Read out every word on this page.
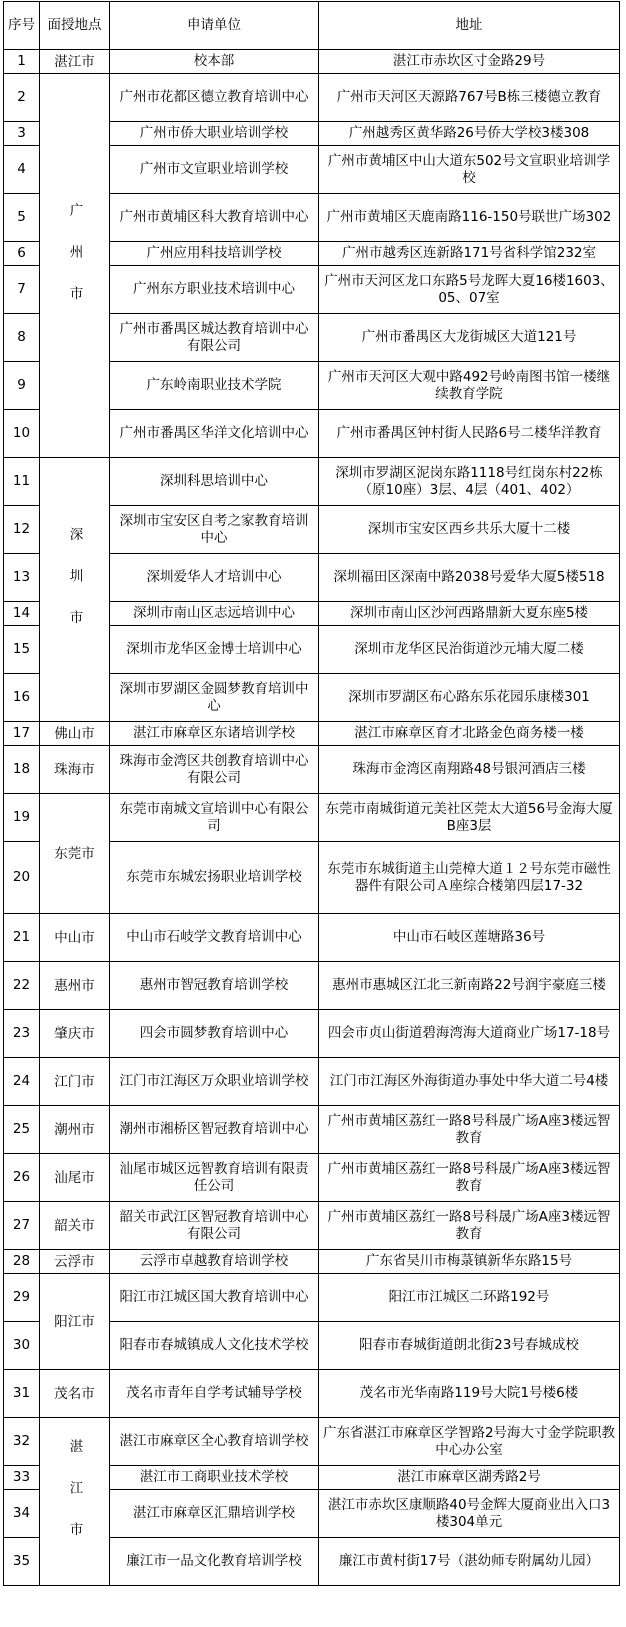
序号	面授地点	申请单位	地址
1	湛江市	校本部	湛江市赤坎区寸金路29号
2	广州市	广州市花都区德立教育培训中心	广州市天河区天源路767号B栋三楼德立教育
3		广州市侨大职业培训学校	广州越秀区黄华路26号侨大学校3楼308
4		广州市文宣职业培训学校	广州市黄埔区中山大道东502号文宣职业培训学校
5		广州市黄埔区科大教育培训中心	广州市黄埔区天鹿南路116-150号联世广场302
6		广州应用科技培训学校	广州市越秀区连新路171号省科学馆232室
7		广州东方职业技术培训中心	广州市天河区龙口东路5号龙晖大夏16楼1603、05、07室
8		广州市番禺区城达教育培训中心有限公司	广州市番禺区大龙街城区大道121号
9		广东岭南职业技术学院	广州市天河区大观中路492号岭南图书馆一楼继续教育学院
10		广州市番禺区华洋文化培训中心	广州市番禺区钟村街人民路6号二楼华洋教育
11	深圳市	深圳科思培训中心	深圳市罗湖区泥岗东路1118号红岗东村22栋（原10座）3层、4层（401、402）
12		深圳市宝安区自考之家教育培训中心	深圳市宝安区西乡共乐大厦十二楼
13		深圳爱华人才培训中心	深圳福田区深南中路2038号爱华大厦5楼518
14		深圳市南山区志远培训中心	深圳市南山区沙河西路鼎新大夏东座5楼
15		深圳市龙华区金博士培训中心	深圳市龙华区民治街道沙元埔大厦二楼
16		深圳市罗湖区金圆梦教育培训中心	深圳市罗湖区布心路东乐花园乐康楼301
17	佛山市	湛江市麻章区东诸培训学校	湛江市麻章区育才北路金色商务楼一楼
18	珠海市	珠海市金湾区共创教育培训中心有限公司	珠海市金湾区南翔路48号银河酒店三楼
19	东莞市	东莞市南城文宣培训中心有限公司	东莞市南城街道元美社区莞太大道56号金海大厦B座3层
20		东莞市东城宏扬职业培训学校	东莞市东城街道主山莞樟大道１２号东莞市磁性器件有限公司Ａ座综合楼第四层17-32
21	中山市	中山市石岐学文教育培训中心	中山市石岐区莲塘路36号
22	惠州市	惠州市智冠教育培训学校	惠州市惠城区江北三新南路22号润宇豪庭三楼
23	肇庆市	四会市圆梦教育培训中心	四会市贞山街道碧海湾海大道商业广场17-18号
24	江门市	江门市江海区万众职业培训学校	江门市江海区外海街道办事处中华大道二号4楼
25	潮州市	潮州市湘桥区智冠教育培训中心	广州市黄埔区荔红一路8号科晟广场A座3楼远智教育
26	汕尾市	汕尾市城区远智教育培训有限责任公司	广州市黄埔区荔红一路8号科晟广场A座3楼远智教育
27	韶关市	韶关市武江区智冠教育培训中心有限公司	广州市黄埔区荔红一路8号科晟广场A座3楼远智教育
28	云浮市	云浮市卓越教育培训学校	广东省吴川市梅菉镇新华东路15号
29	阳江市	阳江市江城区国大教育培训中心	阳江市江城区二环路192号
30		阳春市春城镇成人文化技术学校	阳春市春城街道朗北街23号春城成校
31	茂名市	茂名市青年自学考试辅导学校	茂名市光华南路119号大院1号楼6楼
32	湛江市	湛江市麻章区全心教育培训学校	广东省湛江市麻章区学智路2号海大寸金学院职教中心办公室
33		湛江市工商职业技术学校	湛江市麻章区湖秀路2号
34		湛江市麻章区汇鼎培训学校	湛江市赤坎区康顺路40号金辉大厦商业出入口3楼304单元
35		廉江市一品文化教育培训学校	廉江市黄村街17号（湛幼师专附属幼儿园）
